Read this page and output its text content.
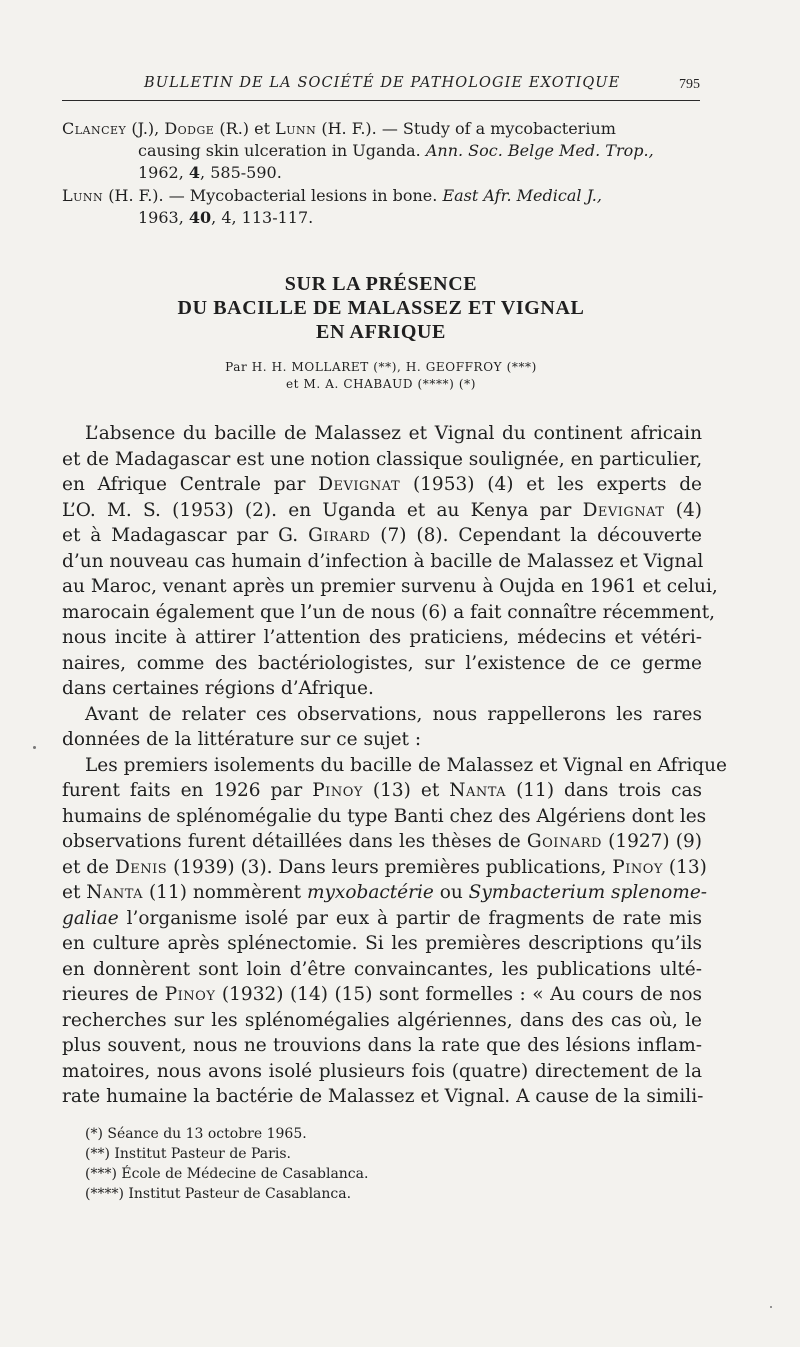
BULLETIN DE LA SOCIÉTÉ DE PATHOLOGIE EXOTIQUE	795
Clancey (J.), Dodge (R.) et Lunn (H. F.). — Study of a mycobacterium
causing skin ulceration in Uganda. Ann. Soc. Belge Med. Trop.,
1962, 4, 585-590.
Lunn (H. F.). — Mycobacterial lesions in bone. East Afr. Medical J.,
1963, 40, 4, 113-117.
SUR LA PRÉSENCE
DU BACILLE DE MALASSEZ ET VIGNAL
EN AFRIQUE
Par H. H. MOLLARET (**), H. GEOFFROY (***)
et M. A. CHABAUD (****) (*)
L’absence du bacille de Malassez et Vignal du continent africain
et de Madagascar est une notion classique soulignée, en particulier,
en Afrique Centrale par Devignat (1953) (4) et les experts de
L’O. M. S. (1953) (2). en Uganda et au Kenya par Devignat (4)
et à Madagascar par G. Girard (7) (8). Cependant la découverte
d’un nouveau cas humain d’infection à bacille de Malassez et Vignal
au Maroc, venant après un premier survenu à Oujda en 1961 et celui,
marocain également que l’un de nous (6) a fait connaître récemment,
nous incite à attirer l’attention des praticiens, médecins et vétéri-
naires, comme des bactériologistes, sur l’existence de ce germe
dans certaines régions d’Afrique.
Avant de relater ces observations, nous rappellerons les rares
données de la littérature sur ce sujet :
Les premiers isolements du bacille de Malassez et Vignal en Afrique
furent faits en 1926 par Pinoy (13) et Nanta (11) dans trois cas
humains de splénomégalie du type Banti chez des Algériens dont les
observations furent détaillées dans les thèses de Goinard (1927) (9)
et de Denis (1939) (3). Dans leurs premières publications, Pinoy (13)
et Nanta (11) nommèrent myxobactérie ou Symbacterium splenome-
galiae l’organisme isolé par eux à partir de fragments de rate mis
en culture après splénectomie. Si les premières descriptions qu’ils
en donnèrent sont loin d’être convaincantes, les publications ulté-
rieures de Pinoy (1932) (14) (15) sont formelles : « Au cours de nos
recherches sur les splénomégalies algériennes, dans des cas où, le
plus souvent, nous ne trouvions dans la rate que des lésions inflam-
matoires, nous avons isolé plusieurs fois (quatre) directement de la
rate humaine la bactérie de Malassez et Vignal. A cause de la simili-
(*) Séance du 13 octobre 1965.
(**) Institut Pasteur de Paris.
(***) École de Médecine de Casablanca.
(****) Institut Pasteur de Casablanca.
